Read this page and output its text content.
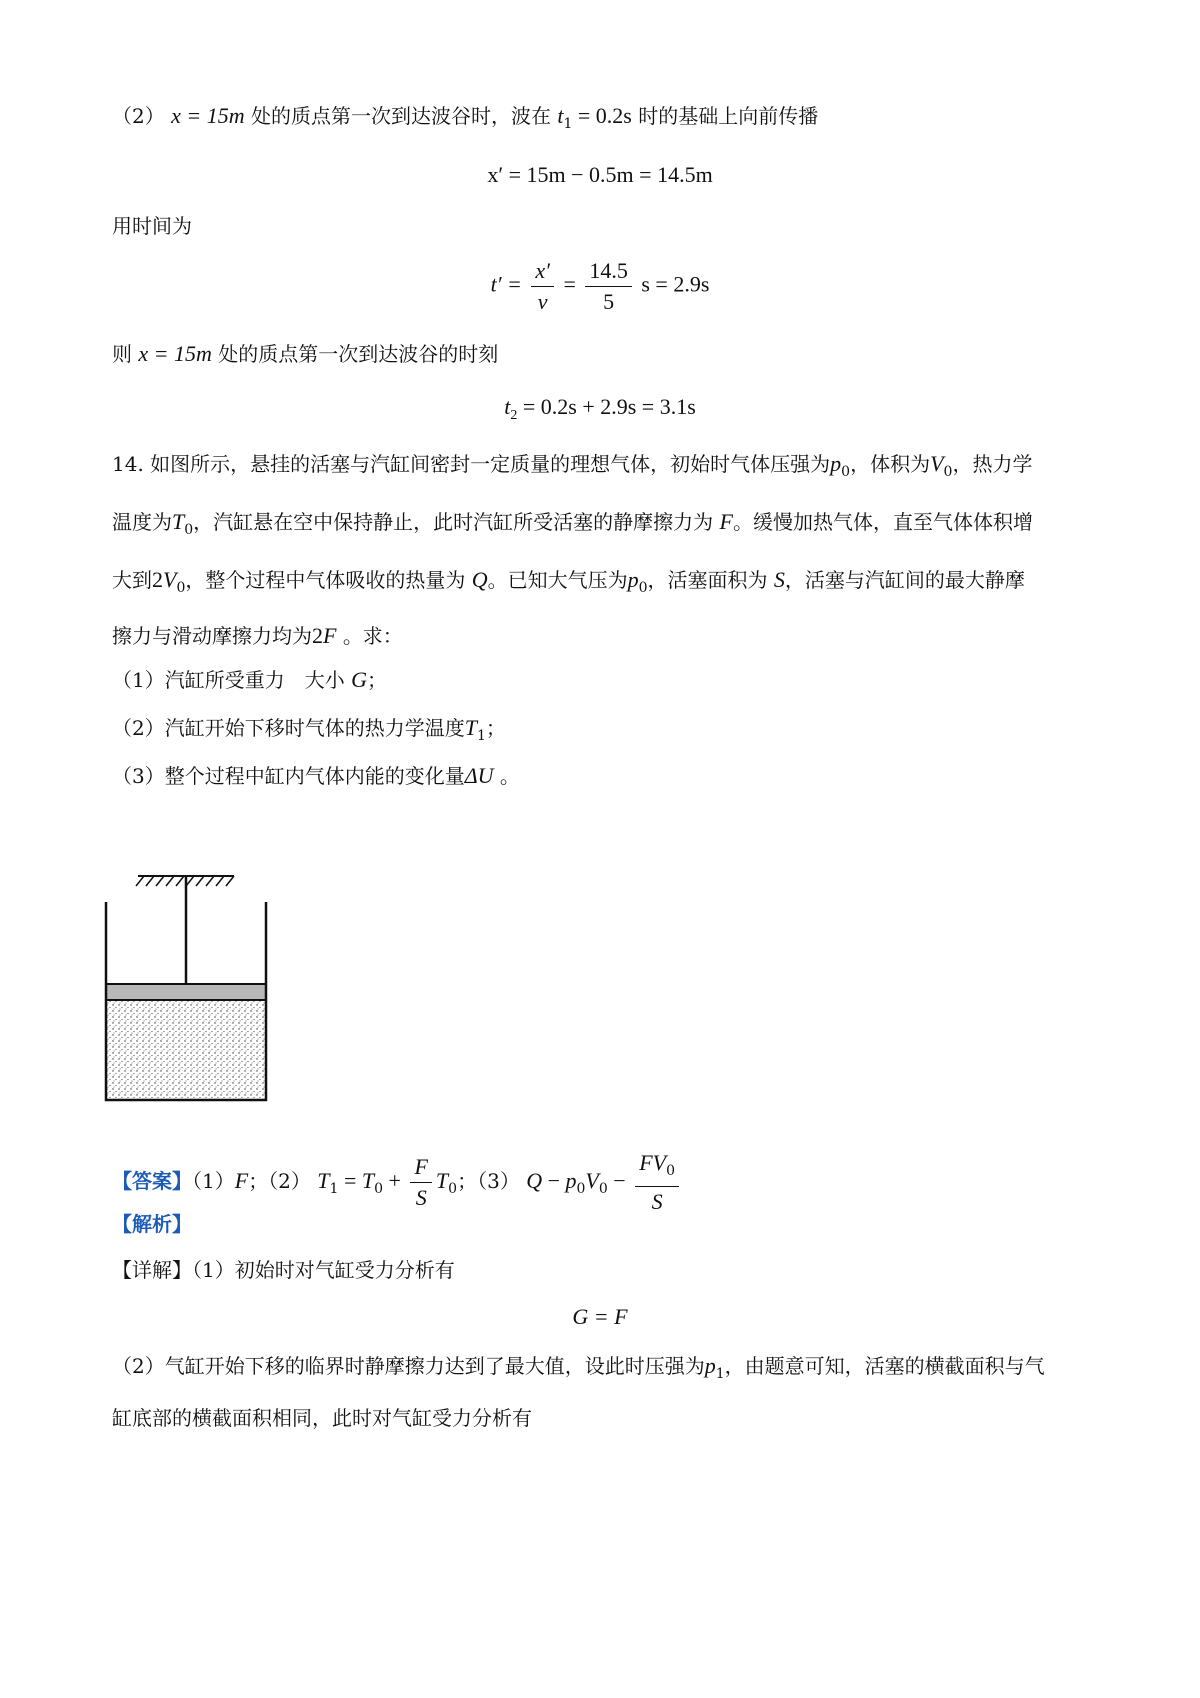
（2） x = 15m 处的质点第一次到达波谷时，波在 $t_1 = 0.2s$ 时的基础上向前传播
x′ = 15m − 0.5m = 14.5m
用时间为
$t' = \frac{x'}{v} = \frac{14.5}{5}$ s = 2.9s
则 x = 15m 处的质点第一次到达波谷的时刻
$t_2 = 0.2s + 2.9s = 3.1s$
14. 如图所示，悬挂的活塞与汽缸间密封一定质量的理想气体，初始时气体压强为$p_0$，体积为$V_0$，热力学
温度为$T_0$，汽缸悬在空中保持静止，此时汽缸所受活塞的静摩擦力为 F。缓慢加热气体，直至气体体积增
大到$2V_0$，整个过程中气体吸收的热量为 Q。已知大气压为$p_0$，活塞面积为 S，活塞与汽缸间的最大静摩
擦力与滑动摩擦力均为2F 。求：
（1）汽缸所受重力　大小 G；
（2）汽缸开始下移时气体的热力学温度$T_1$；
（3）整个过程中缸内气体内能的变化量ΔU 。
【答案】（1）F；（2） $T_1 = T_0 + \frac{F}{S} T_0$；（3） $Q - p_0V_0 - \frac{FV_0}{S}$
【解析】
【详解】（1）初始时对气缸受力分析有
G = F
（2）气缸开始下移的临界时静摩擦力达到了最大值，设此时压强为$p_1$，由题意可知，活塞的横截面积与气
缸底部的横截面积相同，此时对气缸受力分析有
